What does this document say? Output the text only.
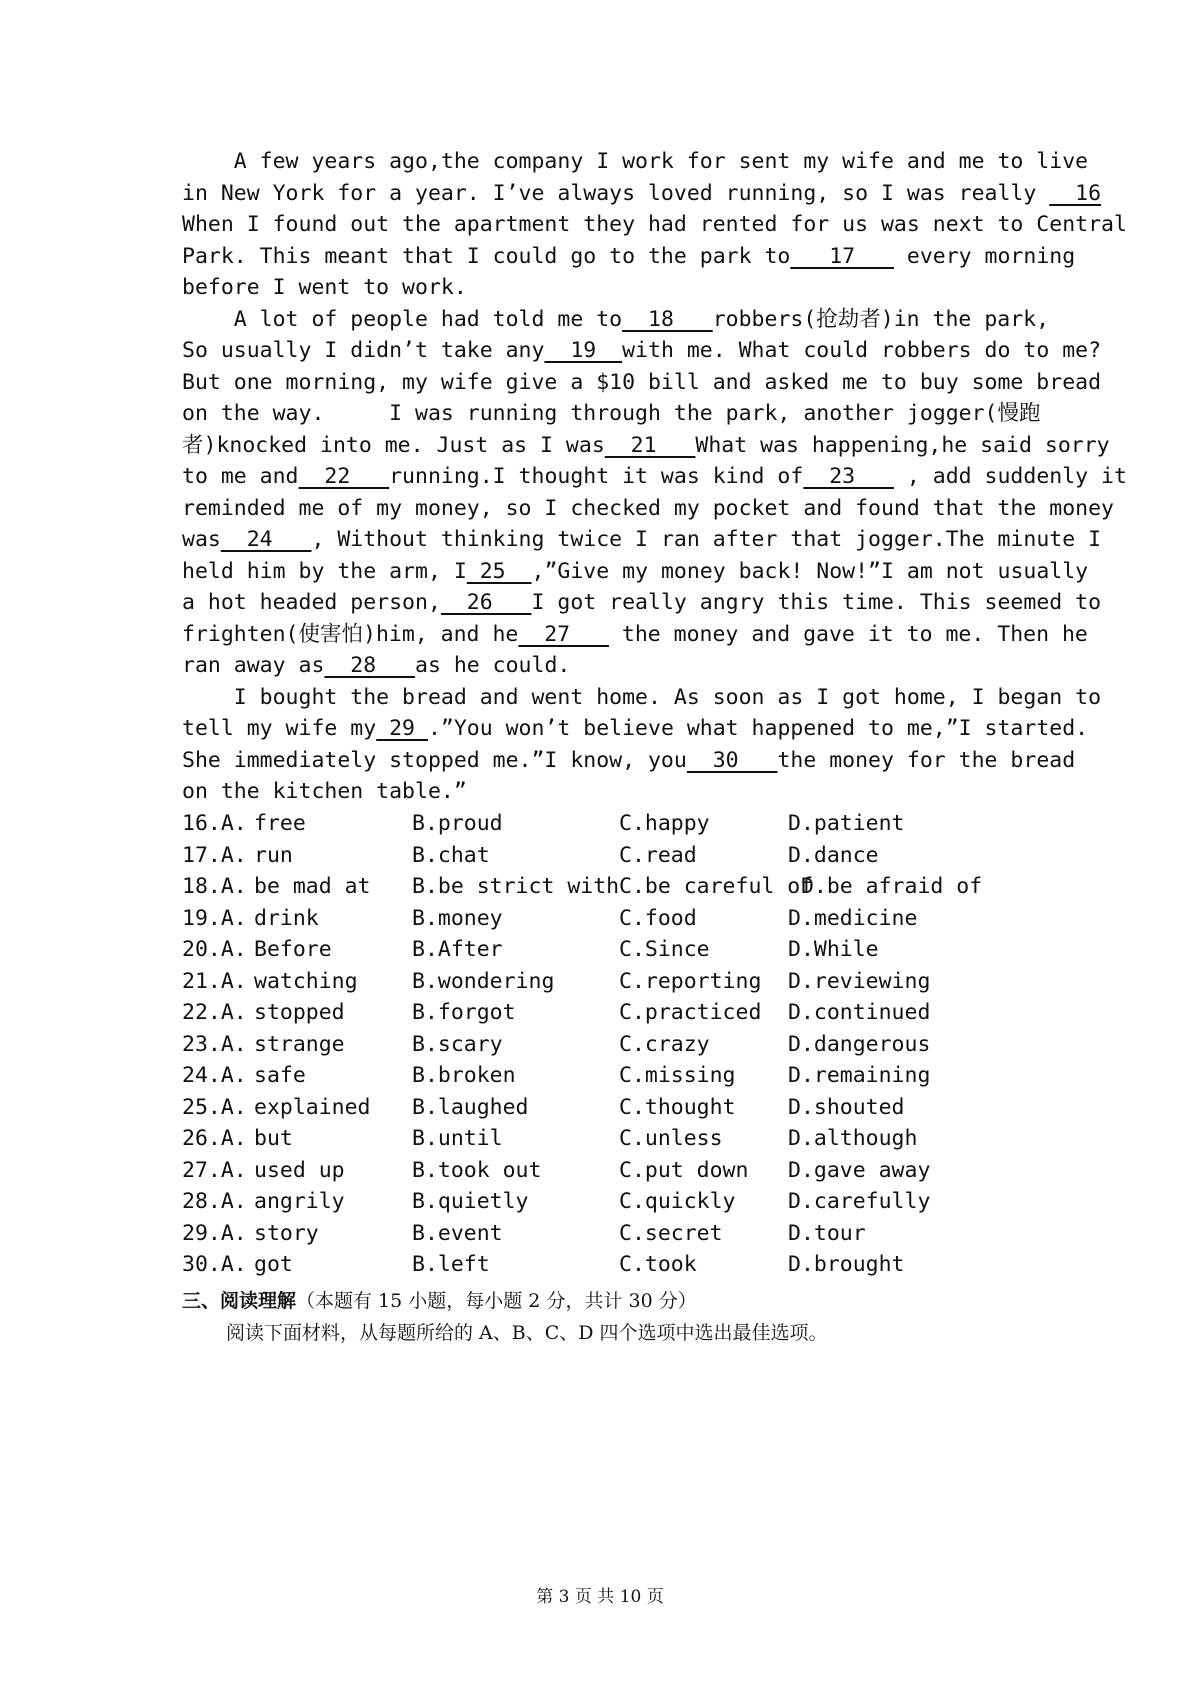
A few years ago,the company I work for sent my wife and me to live
in New York for a year. I’ve always loved running, so I was really   16
When I found out the apartment they had rented for us was next to Central
Park. This meant that I could go to the park to   17    every morning
before I went to work.
A lot of people had told me to  18   robbers(抢劫者)in the park,
So usually I didn’t take any  19  with me. What could robbers do to me?
But one morning, my wife give a $10 bill and asked me to buy some bread
on the way.     I was running through the park, another jogger(慢跑
者)knocked into me. Just as I was  21   What was happening,he said sorry
to me and  22   running.I thought it was kind of  23    , add suddenly it
reminded me of my money, so I checked my pocket and found that the money
was  24   , Without thinking twice I ran after that jogger.The minute I
held him by the arm, I 25  ,”Give my money back! Now!”I am not usually
a hot headed person,  26   I got really angry this time. This seemed to
frighten(使害怕)him, and he  27    the money and gave it to me. Then he
ran away as  28   as he could.
I bought the bread and went home. As soon as I got home, I began to
tell my wife my 29 .”You won’t believe what happened to me,”I started.
She immediately stopped me.”I know, you  30   the money for the bread
on the kitchen table.”

16.A.

free

	B.proud

	C.happy

	D.patient

17.A.

run

	B.chat

	C.read

	D.dance

18.A.

be mad at

B.be strict with

C.be careful of

D.be afraid of

19.A.

drink

	B.money

	C.food

	D.medicine

20.A.

Before

	B.After

	C.Since

	D.While

21.A.

watching

	B.wondering

	C.reporting

D.reviewing

22.A.

stopped

	B.forgot

	C.practiced

D.continued

23.A.

strange

	B.scary

	C.crazy

	D.dangerous

24.A.

safe

	B.broken

	C.missing

D.remaining

25.A.

explained

B.laughed

	C.thought

D.shouted

26.A.

but

	B.until

	C.unless

	D.although

27.A.

used up

	B.took out

	C.put down

D.gave away

28.A.

angrily

	B.quietly

	C.quickly

D.carefully

29.A.

story

	B.event

	C.secret

	D.tour

30.A.

got

	B.left

	C.took

	D.brought

三、阅读理解（本题有 15 小题，每小题 2 分，共计 30 分）
阅读下面材料，从每题所给的 A、B、C、D 四个选项中选出最佳选项。
第 3 页 共 10 页
